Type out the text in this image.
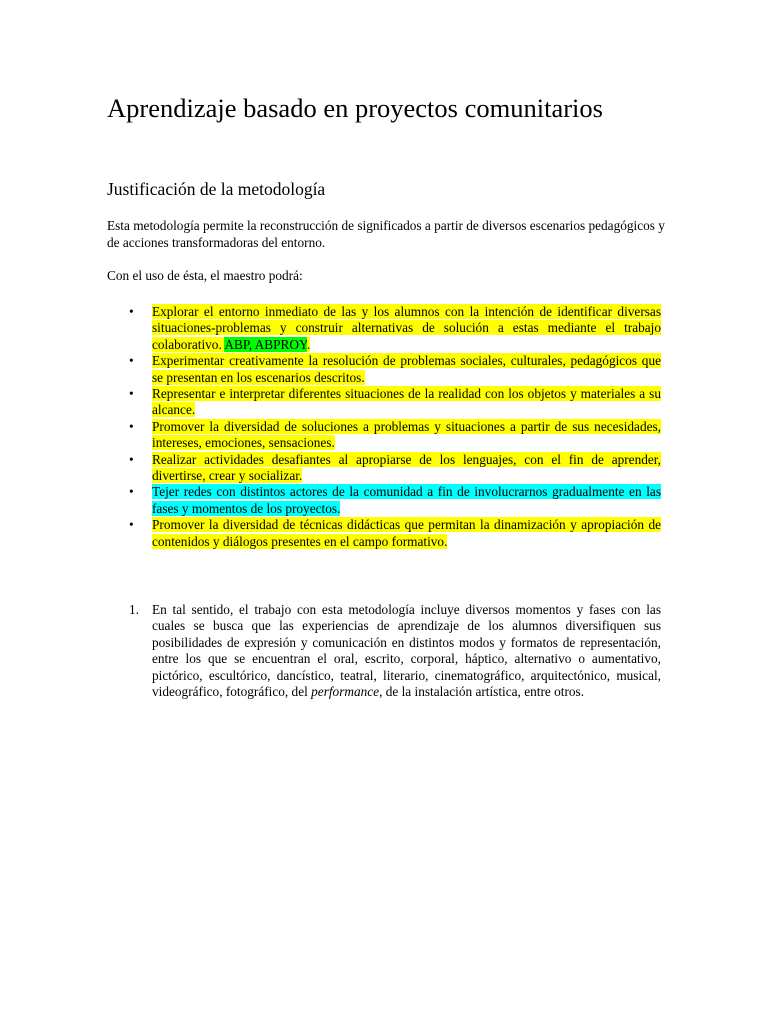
Aprendizaje basado en proyectos comunitarios
Justificación de la metodología

Esta metodología permite la reconstrucción de significados a partir de diversos escenarios pedagógicos y de acciones transformadoras del entorno.

Con el uso de ésta, el maestro podrá:

• Explorar el entorno inmediato de las y los alumnos con la intención de identificar diversas situaciones-problemas y construir alternativas de solución a estas mediante el trabajo colaborativo. ABP, ABPROY.
• Experimentar creativamente la resolución de problemas sociales, culturales, pedagógicos que se presentan en los escenarios descritos.
• Representar e interpretar diferentes situaciones de la realidad con los objetos y materiales a su alcance.
• Promover la diversidad de soluciones a problemas y situaciones a partir de sus necesidades, intereses, emociones, sensaciones.
• Realizar actividades desafiantes al apropiarse de los lenguajes, con el fin de aprender, divertirse, crear y socializar.
• Tejer redes con distintos actores de la comunidad a fin de involucrarnos gradualmente en las fases y momentos de los proyectos.
• Promover la diversidad de técnicas didácticas que permitan la dinamización y apropiación de contenidos y diálogos presentes en el campo formativo.
1. En tal sentido, el trabajo con esta metodología incluye diversos momentos y fases con las cuales se busca que las experiencias de aprendizaje de los alumnos diversifiquen sus posibilidades de expresión y comunicación en distintos modos y formatos de representación, entre los que se encuentran el oral, escrito, corporal, háptico, alternativo o aumentativo, pictórico, escultórico, dancístico, teatral, literario, cinematográfico, arquitectónico, musical, videográfico, fotográfico, del performance, de la instalación artística, entre otros.
